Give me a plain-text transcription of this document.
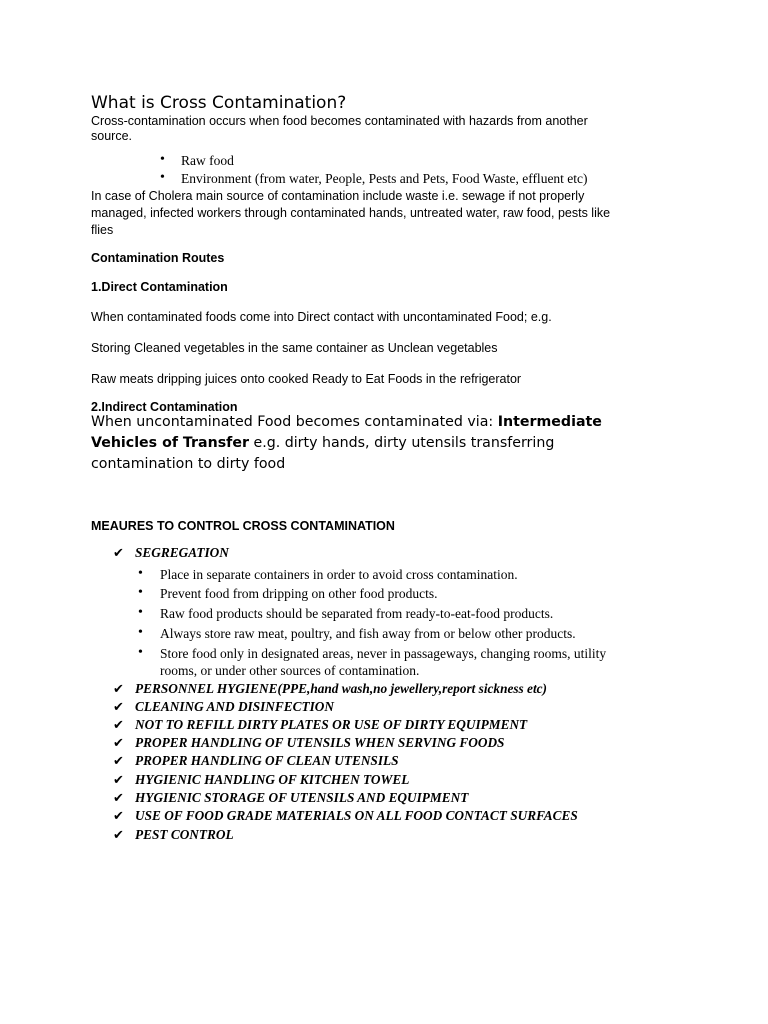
What is Cross Contamination?
Cross-contamination occurs when food becomes contaminated with hazards from another
source.
• Raw food
• Environment (from water, People, Pests and Pets, Food Waste, effluent etc)
In case of Cholera main source of contamination include waste i.e. sewage if not properly
managed, infected workers through contaminated hands, untreated water, raw food, pests like
flies
Contamination Routes
1.Direct Contamination
When contaminated foods come into Direct contact with uncontaminated Food; e.g.
Storing Cleaned vegetables in the same container as Unclean vegetables
Raw meats dripping juices onto cooked Ready to Eat Foods in the refrigerator
2.Indirect Contamination
When uncontaminated Food becomes contaminated via: Intermediate
Vehicles of Transfer e.g. dirty hands, dirty utensils transferring
contamination to dirty food
MEAURES TO CONTROL CROSS CONTAMINATION
✔ SEGREGATION
• Place in separate containers in order to avoid cross contamination.
• Prevent food from dripping on other food products.
• Raw food products should be separated from ready-to-eat-food products.
• Always store raw meat, poultry, and fish away from or below other products.
• Store food only in designated areas, never in passageways, changing rooms, utility
rooms, or under other sources of contamination.
✔ PERSONNEL HYGIENE(PPE,hand wash,no jewellery,report sickness etc)
✔ CLEANING AND DISINFECTION
✔ NOT TO REFILL DIRTY PLATES OR USE OF DIRTY EQUIPMENT
✔ PROPER HANDLING OF UTENSILS WHEN SERVING FOODS
✔ PROPER HANDLING OF CLEAN UTENSILS
✔ HYGIENIC HANDLING OF KITCHEN TOWEL
✔ HYGIENIC STORAGE OF UTENSILS AND EQUIPMENT
✔ USE OF FOOD GRADE MATERIALS ON ALL FOOD CONTACT SURFACES
✔ PEST CONTROL
